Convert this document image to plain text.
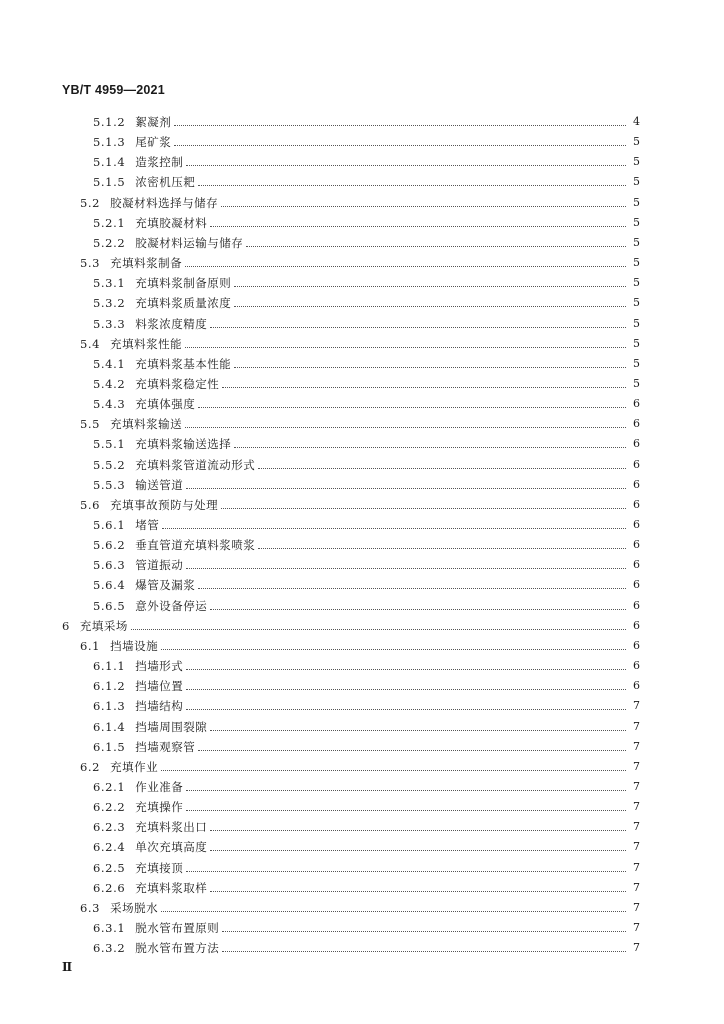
YB/T 4959—2021
5.1.2 絮凝剂	4
5.1.3 尾矿浆	5
5.1.4 造浆控制	5
5.1.5 浓密机压耙	5
5.2 胶凝材料选择与储存	5
5.2.1 充填胶凝材料	5
5.2.2 胶凝材料运输与储存	5
5.3 充填料浆制备	5
5.3.1 充填料浆制备原则	5
5.3.2 充填料浆质量浓度	5
5.3.3 料浆浓度精度	5
5.4 充填料浆性能	5
5.4.1 充填料浆基本性能	5
5.4.2 充填料浆稳定性	5
5.4.3 充填体强度	6
5.5 充填料浆输送	6
5.5.1 充填料浆输送选择	6
5.5.2 充填料浆管道流动形式	6
5.5.3 输送管道	6
5.6 充填事故预防与处理	6
5.6.1 堵管	6
5.6.2 垂直管道充填料浆喷浆	6
5.6.3 管道振动	6
5.6.4 爆管及漏浆	6
5.6.5 意外设备停运	6
6 充填采场	6
6.1 挡墙设施	6
6.1.1 挡墙形式	6
6.1.2 挡墙位置	6
6.1.3 挡墙结构	7
6.1.4 挡墙周围裂隙	7
6.1.5 挡墙观察管	7
6.2 充填作业	7
6.2.1 作业准备	7
6.2.2 充填操作	7
6.2.3 充填料浆出口	7
6.2.4 单次充填高度	7
6.2.5 充填接顶	7
6.2.6 充填料浆取样	7
6.3 采场脱水	7
6.3.1 脱水管布置原则	7
6.3.2 脱水管布置方法	7
Ⅱ
